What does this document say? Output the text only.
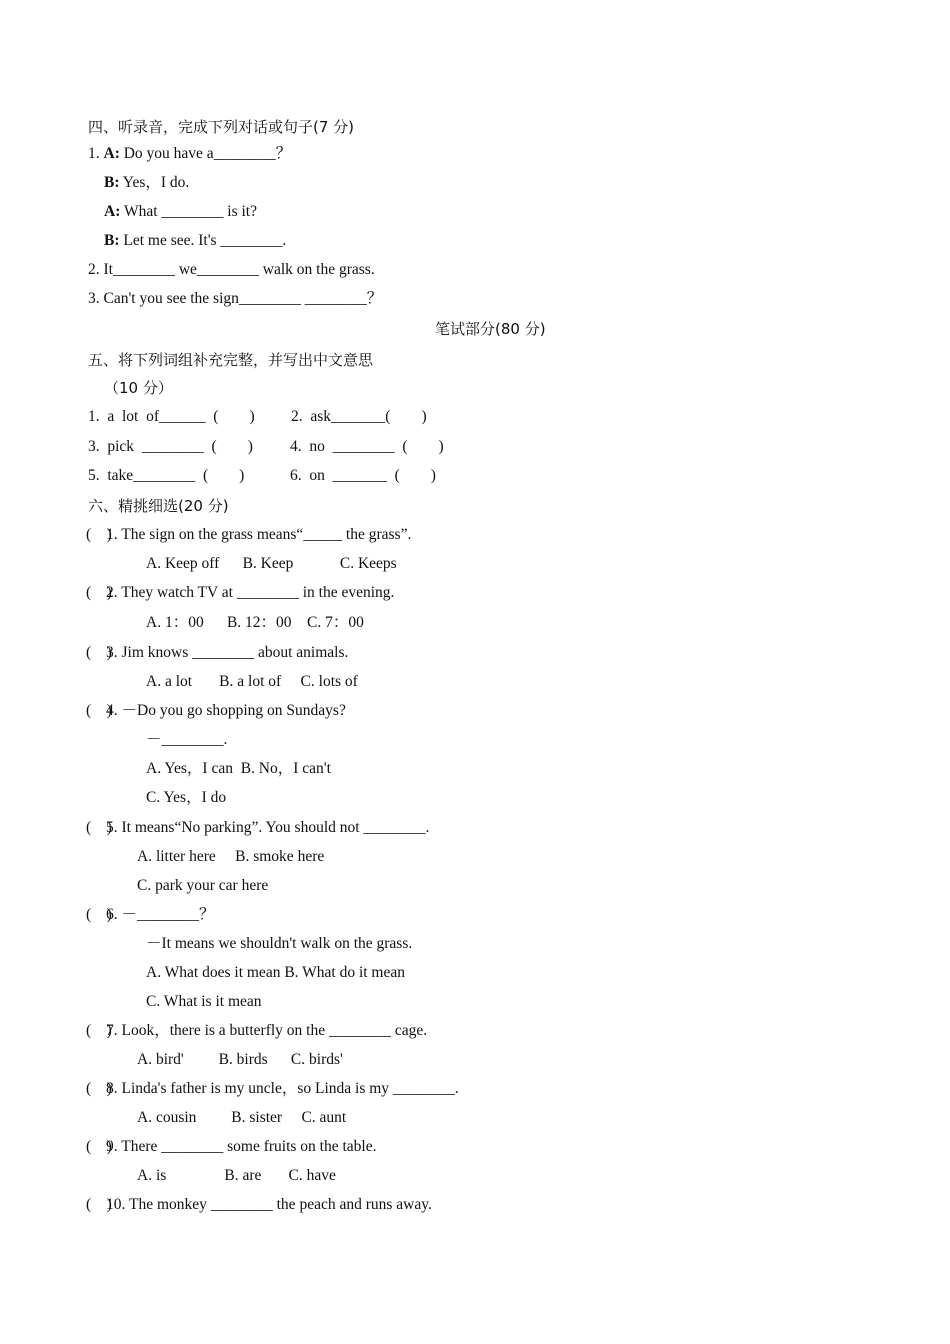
四、听录音，完成下列对话或句子(7 分)
1. A: Do you have a________？
B: Yes，I do.
A: What ________ is it?
B: Let me see. It's ________.
2. It________ we________ walk on the grass.
3. Can't you see the sign________ ________？
笔试部分(80 分)
五、将下列词组补充完整，并写出中文意思
（10 分）
1.  a  lot  of______  (        ) 2.  ask_______(        )
3.  pick  ________  (        ) 4.  no  ________  (        )
5.  take________  (        )	6.  on  _______  (        )
六、精挑细选(20 分)
(    )
1. The sign on the grass means“_____ the grass”.
A. Keep off      B. Keep            C. Keeps
(    )
2. They watch TV at ________ in the evening.
A. 1：00      B. 12：00    C. 7：00
(    )
3. Jim knows ________ about animals.
A. a lot       B. a lot of     C. lots of
(    )
4. －Do you go shopping on Sundays?
－________.
A. Yes，I can  B. No，I can't
C. Yes，I do
(    )
5. It means“No parking”. You should not ________.
A. litter here     B. smoke here
C. park your car here
(    )
6. －________？
－It means we shouldn't walk on the grass.
A. What does it mean B. What do it mean
C. What is it mean
(    )
7. Look，there is a butterfly on the ________ cage.
A. bird'         B. birds      C. birds'
(    )
8. Linda's father is my uncle，so Linda is my ________.
A. cousin         B. sister     C. aunt
(    )
9. There ________ some fruits on the table.
A. is               B. are       C. have
(    )
10. The monkey ________ the peach and runs away.
